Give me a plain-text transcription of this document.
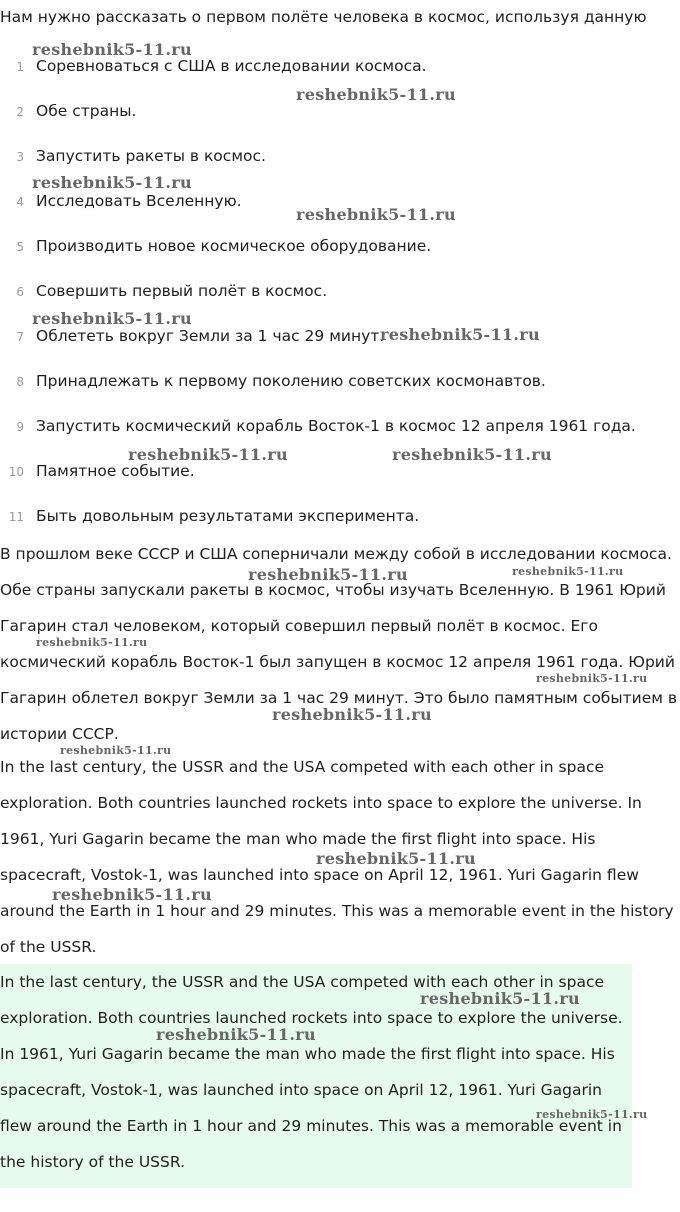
Нам нужно рассказать о первом полёте человека в космос, используя данную
1 Соревноваться с США в исследовании космоса.
2 Обе страны.
3 Запустить ракеты в космос.
4 Исследовать Вселенную.
5 Производить новое космическое оборудование.
6 Совершить первый полёт в космос.
7 Облететь вокруг Земли за 1 час 29 минут.
8 Принадлежать к первому поколению советских космонавтов.
9 Запустить космический корабль Восток-1 в космос 12 апреля 1961 года.
10 Памятное событие.
11 Быть довольным результатами эксперимента.
В прошлом веке СССР и США соперничали между собой в исследовании космоса. Обе страны запускали ракеты в космос, чтобы изучать Вселенную. В 1961 Юрий Гагарин стал человеком, который совершил первый полёт в космос. Его космический корабль Восток-1 был запущен в космос 12 апреля 1961 года. Юрий Гагарин облетел вокруг Земли за 1 час 29 минут. Это было памятным событием в истории СССР.
In the last century, the USSR and the USA competed with each other in space exploration. Both countries launched rockets into space to explore the universe. In 1961, Yuri Gagarin became the man who made the first flight into space. His spacecraft, Vostok-1, was launched into space on April 12, 1961. Yuri Gagarin flew around the Earth in 1 hour and 29 minutes. This was a memorable event in the history of the USSR.
In the last century, the USSR and the USA competed with each other in space exploration. Both countries launched rockets into space to explore the universe. In 1961, Yuri Gagarin became the man who made the first flight into space. His spacecraft, Vostok-1, was launched into space on April 12, 1961. Yuri Gagarin flew around the Earth in 1 hour and 29 minutes. This was a memorable event in the history of the USSR.
reshebnik5-11.ru
reshebnik5-11.ru
reshebnik5-11.ru
reshebnik5-11.ru
reshebnik5-11.ru
reshebnik5-11.ru
reshebnik5-11.ru	reshebnik5-11.ru
reshebnik5-11.ru	reshebnik5-11.ru
reshebnik5-11.ru
reshebnik5-11.ru
reshebnik5-11.ru
reshebnik5-11.ru
reshebnik5-11.ru
reshebnik5-11.ru
reshebnik5-11.ru
reshebnik5-11.ru
reshebnik5-11.ru
